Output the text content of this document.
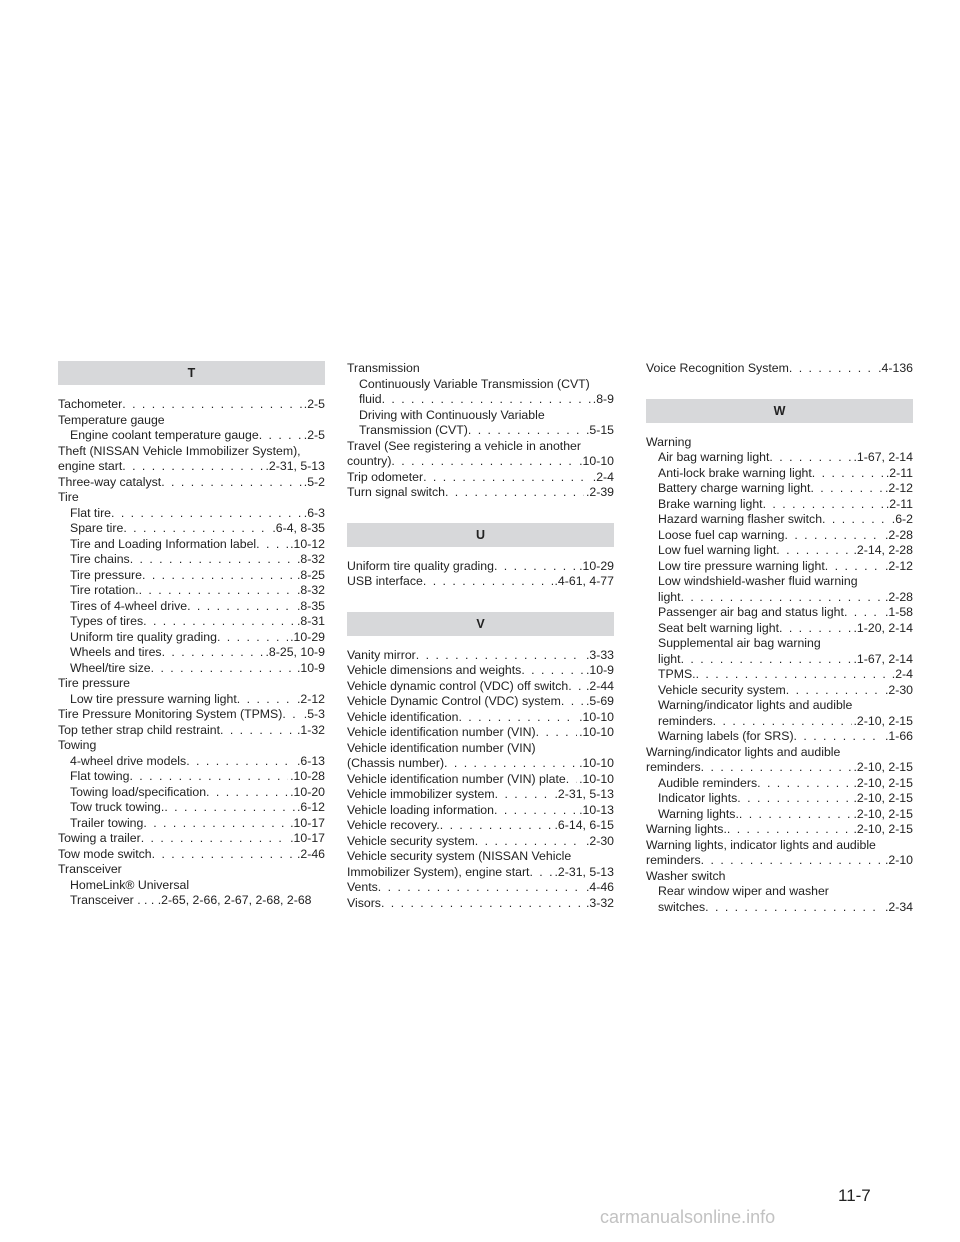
T
Tachometer . . .	.2-5
Temperature gauge
Engine coolant temperature gauge . . .	.2-5
Theft (NISSAN Vehicle Immobilizer System),
engine start . . .	.2-31, 5-13
Three-way catalyst . . .	.5-2
Tire
Flat tire . . .	.6-3
Spare tire . . .	.6-4, 8-35
Tire and Loading Information label . . .	.10-12
Tire chains . . .	.8-32
Tire pressure . . .	.8-25
Tire rotation. . . .	.8-32
Tires of 4-wheel drive . . .	.8-35
Types of tires . . .	.8-31
Uniform tire quality grading . . .	.10-29
Wheels and tires . . .	.8-25, 10-9
Wheel/tire size . . .	.10-9
Tire pressure
Low tire pressure warning light . . .	.2-12
Tire Pressure Monitoring System (TPMS) . . . .5-3
Top tether strap child restraint . . .	.1-32
Towing
4-wheel drive models . . .	.6-13
Flat towing . . .	.10-28
Towing load/specification . . .	.10-20
Tow truck towing. . . .	.6-12
Trailer towing . . .	.10-17
Towing a trailer . . .	.10-17
Tow mode switch . . .	.2-46
Transceiver
HomeLink® Universal
Transceiver . . . .2-65, 2-66, 2-67, 2-68, 2-68
Transmission
Continuously Variable Transmission (CVT)
fluid . . .	.8-9
Driving with Continuously Variable
Transmission (CVT) . . .	.5-15
Travel (See registering a vehicle in another
country) . . .	.10-10
Trip odometer . . .	.2-4
Turn signal switch . . .	.2-39
U
Uniform tire quality grading . . .	.10-29
USB interface . . .	.4-61, 4-77
V
Vanity mirror . . .	.3-33
Vehicle dimensions and weights . . .	.10-9
Vehicle dynamic control (VDC) off switch . . . .2-44
Vehicle Dynamic Control (VDC) system . . . .5-69
Vehicle identification . . .	.10-10
Vehicle identification number (VIN) . . .	.10-10
Vehicle identification number (VIN)
(Chassis number) . . .	.10-10
Vehicle identification number (VIN) plate . . . .10-10
Vehicle immobilizer system . . .	.2-31, 5-13
Vehicle loading information . . .	.10-13
Vehicle recovery. . . .	.6-14, 6-15
Vehicle security system . . .	.2-30
Vehicle security system (NISSAN Vehicle
Immobilizer System), engine start . . . .2-31, 5-13
Vents . . .	.4-46
Visors . . .	.3-32
Voice Recognition System . . .	.4-136
W
Warning
Air bag warning light . . .	.1-67, 2-14
Anti-lock brake warning light . . .	.2-11
Battery charge warning light . . .	.2-12
Brake warning light . . .	.2-11
Hazard warning flasher switch . . .	.6-2
Loose fuel cap warning . . .	.2-28
Low fuel warning light . . .	.2-14, 2-28
Low tire pressure warning light . . .	.2-12
Low windshield-washer fluid warning
light . . .	.2-28
Passenger air bag and status light . . .	.1-58
Seat belt warning light . . .	.1-20, 2-14
Supplemental air bag warning
light . . .	.1-67, 2-14
TPMS. . . .	.2-4
Vehicle security system . . .	.2-30
Warning/indicator lights and audible
reminders . . .	.2-10, 2-15
Warning labels (for SRS) . . .	.1-66
Warning/indicator lights and audible
reminders . . .	.2-10, 2-15
Audible reminders . . .	.2-10, 2-15
Indicator lights . . .	.2-10, 2-15
Warning lights. . . .	.2-10, 2-15
Warning lights. . . .	.2-10, 2-15
Warning lights, indicator lights and audible
reminders . . .	.2-10
Washer switch
Rear window wiper and washer
switches . . .	.2-34
11-7
carmanualsonline.info
